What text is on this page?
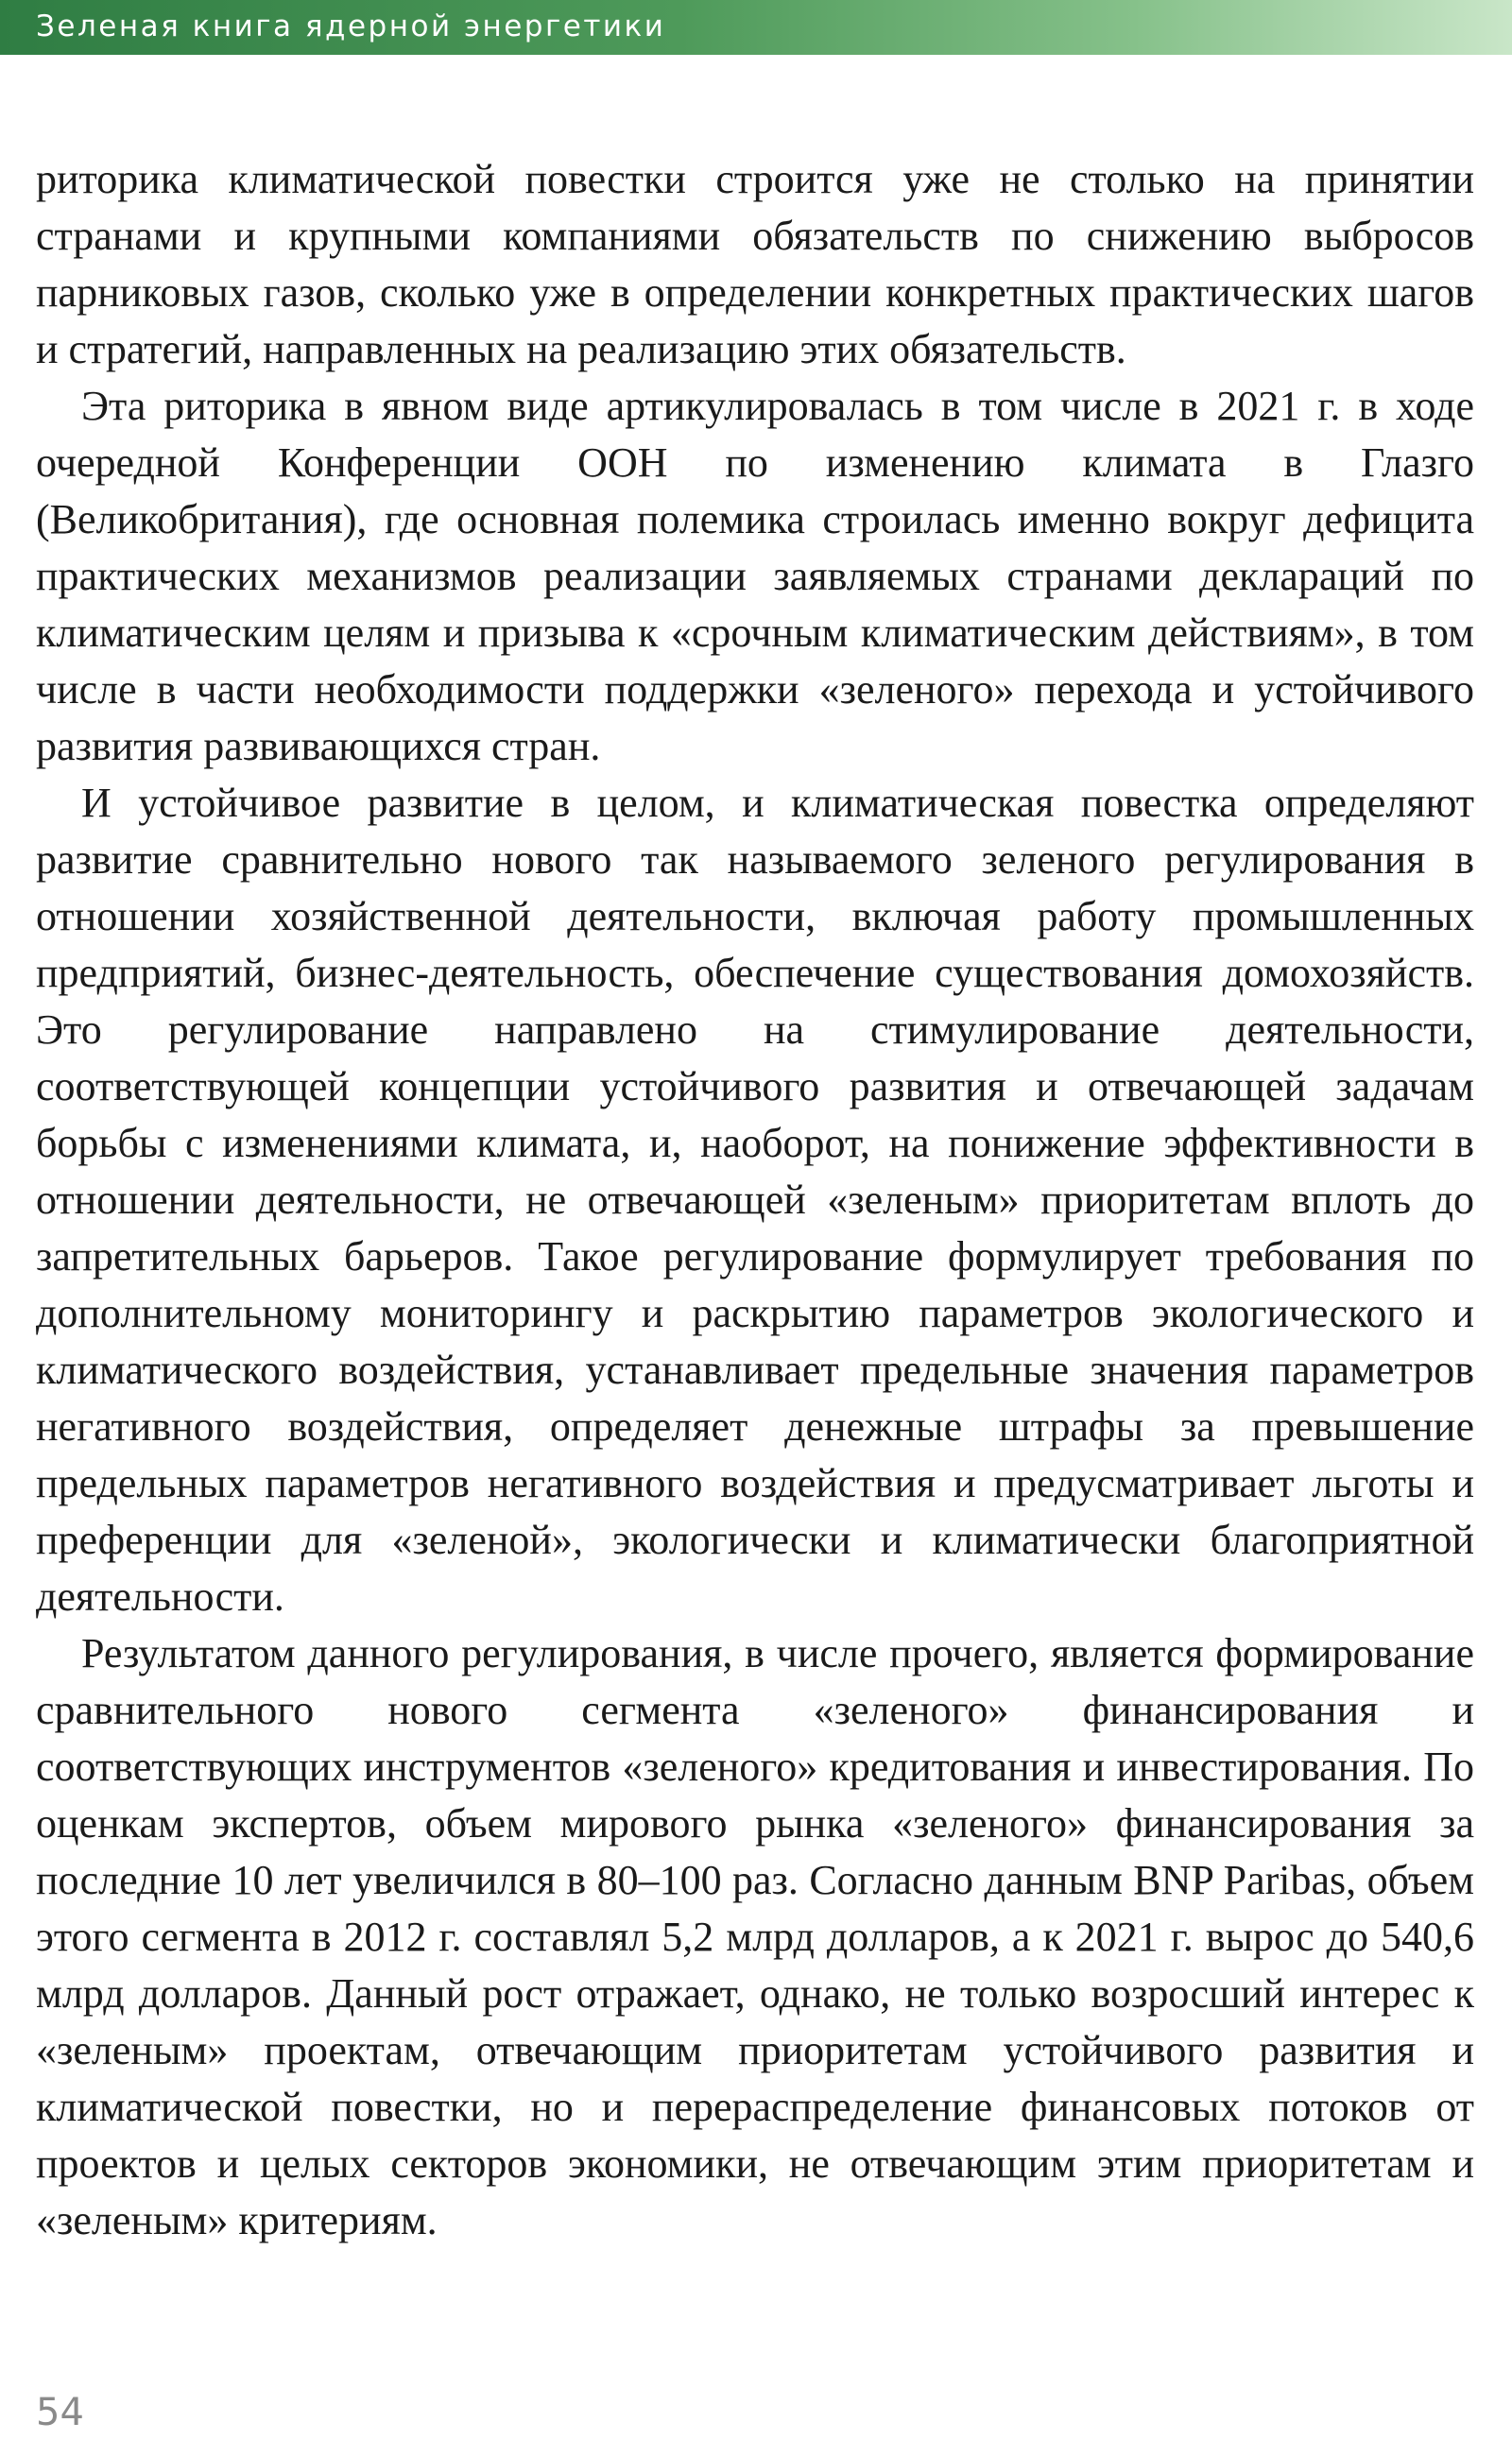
Зеленая книга ядерной энергетики

риторика климатической повестки строится уже не столько на принятии странами и крупными компаниями обязательств по снижению выбросов парниковых газов, сколько уже в определении конкретных практических шагов и стратегий, направленных на реализацию этих обязательств.

Эта риторика в явном виде артикулировалась в том числе в 2021 г. в ходе очередной Конференции ООН по изменению климата в Глазго (Великобритания), где основная полемика строилась именно вокруг дефицита практических механизмов реализации заявляемых странами деклараций по климатическим целям и призыва к «срочным климатическим действиям», в том числе в части необходимости поддержки «зеленого» перехода и устойчивого развития развивающихся стран.

И устойчивое развитие в целом, и климатическая повестка определяют развитие сравнительно нового так называемого зеленого регулирования в отношении хозяйственной деятельности, включая работу промышленных предприятий, бизнес-деятельность, обеспечение существования домохозяйств. Это регулирование направлено на стимулирование деятельности, соответствующей концепции устойчивого развития и отвечающей задачам борьбы с изменениями климата, и, наоборот, на понижение эффективности в отношении деятельности, не отвечающей «зеленым» приоритетам вплоть до запретительных барьеров. Такое регулирование формулирует требования по дополнительному мониторингу и раскрытию параметров экологического и климатического воздействия, устанавливает предельные значения параметров негативного воздействия, определяет денежные штрафы за превышение предельных параметров негативного воздействия и предусматривает льготы и преференции для «зеленой», экологически и климатически благоприятной деятельности.

Результатом данного регулирования, в числе прочего, является формирование сравнительного нового сегмента «зеленого» финансирования и соответствующих инструментов «зеленого» кредитования и инвестирования. По оценкам экспертов, объем мирового рынка «зеленого» финансирования за последние 10 лет увеличился в 80–100 раз. Согласно данным BNP Paribas, объем этого сегмента в 2012 г. составлял 5,2 млрд долларов, а к 2021 г. вырос до 540,6 млрд долларов. Данный рост отражает, однако, не только возросший интерес к «зеленым» проектам, отвечающим приоритетам устойчивого развития и климатической повестки, но и перераспределение финансовых потоков от проектов и целых секторов экономики, не отвечающим этим приоритетам и «зеленым» критериям.

54
